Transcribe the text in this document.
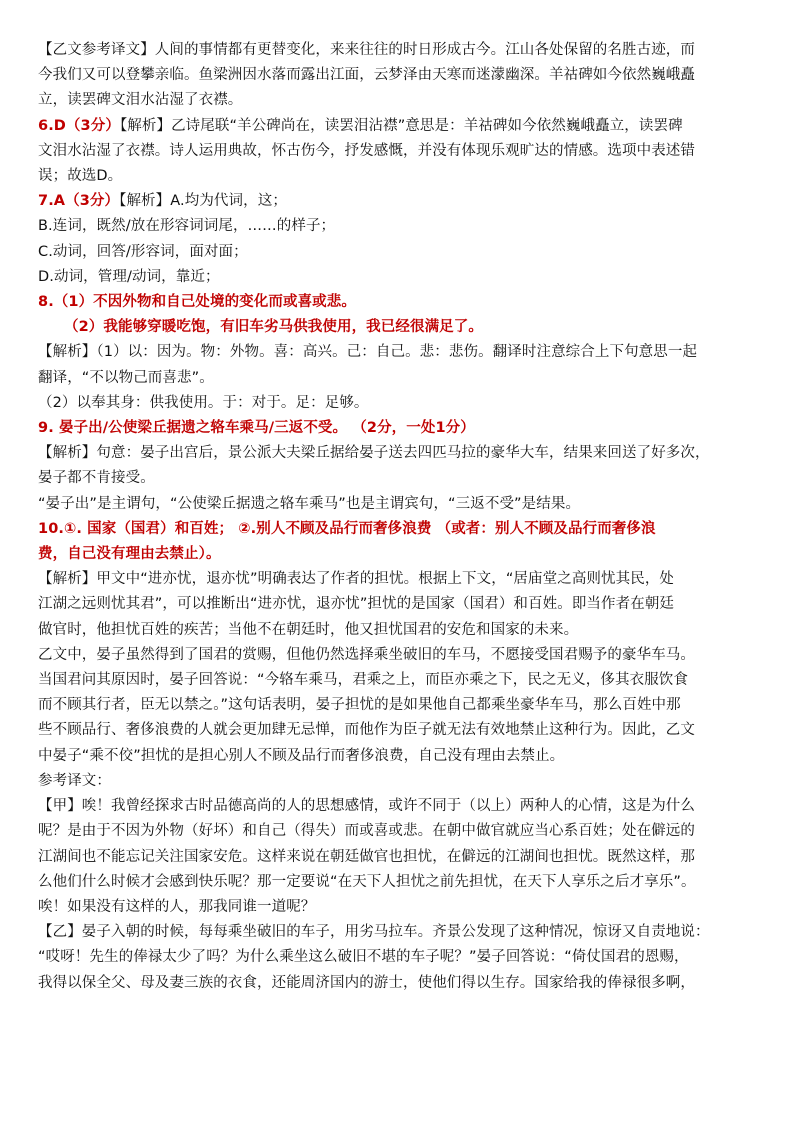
【乙文参考译文】人间的事情都有更替变化，来来往往的时日形成古今。江山各处保留的名胜古迹，而
今我们又可以登攀亲临。鱼梁洲因水落而露出江面，云梦泽由天寒而迷濛幽深。羊祜碑如今依然巍峨矗
立，读罢碑文泪水沾湿了衣襟。
6.D（3分）【解析】乙诗尾联“羊公碑尚在，读罢泪沾襟”意思是：羊祜碑如今依然巍峨矗立，读罢碑
文泪水沾湿了衣襟。诗人运用典故，怀古伤今，抒发感慨，并没有体现乐观旷达的情感。选项中表述错
误；故选D。
7.A（3分）【解析】A.均为代词，这；
B.连词，既然/放在形容词词尾，……的样子；
C.动词，回答/形容词，面对面；
D.动词，管理/动词，靠近；
8.（1）不因外物和自己处境的变化而或喜或悲。
（2）我能够穿暖吃饱，有旧车劣马供我使用，我已经很满足了。
【解析】（1）以：因为。物：外物。喜：高兴。己：自己。悲：悲伤。翻译时注意综合上下句意思一起
翻译，“不以物己而喜悲”。
（2）以奉其身：供我使用。于：对于。足：足够。
9. 晏子出/公使梁丘据遗之辂车乘马/三返不受。 （2分，一处1分）
【解析】句意：晏子出宫后，景公派大夫梁丘据给晏子送去四匹马拉的豪华大车，结果来回送了好多次，
晏子都不肯接受。
“晏子出”是主谓句，“公使梁丘据遗之辂车乘马”也是主谓宾句，“三返不受”是结果。
10.①. 国家（国君）和百姓； ②.别人不顾及品行而奢侈浪费 （或者：别人不顾及品行而奢侈浪
费，自己没有理由去禁止）。
【解析】甲文中“进亦忧，退亦忧”明确表达了作者的担忧。根据上下文，“居庙堂之高则忧其民，处
江湖之远则忧其君”，可以推断出“进亦忧，退亦忧”担忧的是国家（国君）和百姓。即当作者在朝廷
做官时，他担忧百姓的疾苦；当他不在朝廷时，他又担忧国君的安危和国家的未来。
乙文中，晏子虽然得到了国君的赏赐，但他仍然选择乘坐破旧的车马，不愿接受国君赐予的豪华车马。
当国君问其原因时，晏子回答说：“今辂车乘马，君乘之上，而臣亦乘之下，民之无义，侈其衣服饮食
而不顾其行者，臣无以禁之。”这句话表明，晏子担忧的是如果他自己都乘坐豪华车马，那么百姓中那
些不顾品行、奢侈浪费的人就会更加肆无忌惮，而他作为臣子就无法有效地禁止这种行为。因此，乙文
中晏子“乘不佼”担忧的是担心别人不顾及品行而奢侈浪费，自己没有理由去禁止。
参考译文：
【甲】唉！我曾经探求古时品德高尚的人的思想感情，或许不同于（以上）两种人的心情，这是为什么
呢？是由于不因为外物（好坏）和自己（得失）而或喜或悲。在朝中做官就应当心系百姓；处在僻远的
江湖间也不能忘记关注国家安危。这样来说在朝廷做官也担忧，在僻远的江湖间也担忧。既然这样，那
么他们什么时候才会感到快乐呢？那一定要说“在天下人担忧之前先担忧，在天下人享乐之后才享乐”。
唉！如果没有这样的人，那我同谁一道呢？
【乙】晏子入朝的时候，每每乘坐破旧的车子，用劣马拉车。齐景公发现了这种情况，惊讶又自责地说：
“哎呀！先生的俸禄太少了吗？为什么乘坐这么破旧不堪的车子呢？”晏子回答说：“倚仗国君的恩赐，
我得以保全父、母及妻三族的衣食，还能周济国内的游士，使他们得以生存。国家给我的俸禄很多啊，
